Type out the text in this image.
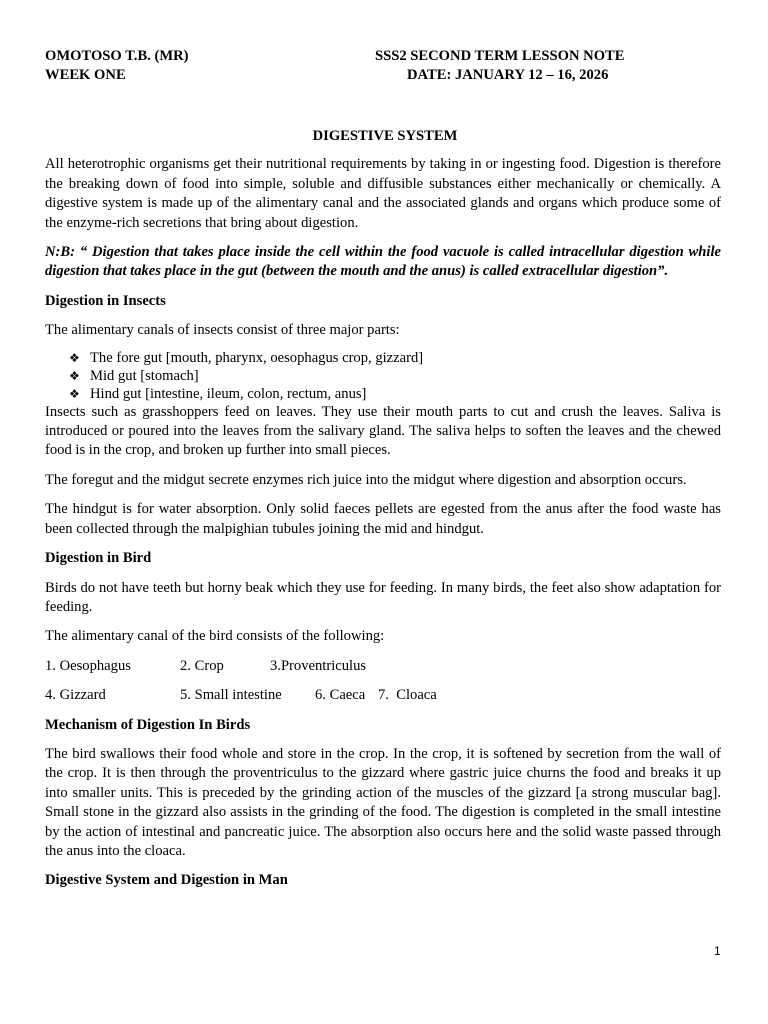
OMOTOSO T.B. (MR)
WEEK ONE
SSS2 SECOND TERM LESSON NOTE
DATE: JANUARY 12 – 16, 2026
DIGESTIVE SYSTEM

All heterotrophic organisms get their nutritional requirements by taking in or ingesting food. Digestion is therefore the breaking down of food into simple, soluble and diffusible substances either mechanically or chemically. A digestive system is made up of the alimentary canal and the associated glands and organs which produce some of the enzyme-rich secretions that bring about digestion.

N:B: “ Digestion that takes place inside the cell within the food vacuole is called intracellular digestion while digestion that takes place in the gut (between the mouth and the anus) is called extracellular digestion”.

Digestion in Insects

The alimentary canals of insects consist of three major parts:

❖ The fore gut [mouth, pharynx, oesophagus crop, gizzard]
❖ Mid gut [stomach]
❖ Hind gut [intestine, ileum, colon, rectum, anus]

Insects such as grasshoppers feed on leaves. They use their mouth parts to cut and crush the leaves. Saliva is introduced or poured into the leaves from the salivary gland. The saliva helps to soften the leaves and the chewed food is in the crop, and broken up further into small pieces.

The foregut and the midgut secrete enzymes rich juice into the midgut where digestion and absorption occurs.

The hindgut is for water absorption. Only solid faeces pellets are egested from the anus after the food waste has been collected through the malpighian tubules joining the mid and hindgut.

Digestion in Bird

Birds do not have teeth but horny beak which they use for feeding. In many birds, the feet also show adaptation for feeding.

The alimentary canal of the bird consists of the following:

1. Oesophagus	2. Crop	3.Proventriculus
4. Gizzard	5. Small intestine	6. Caeca 7.  Cloaca
Mechanism of Digestion In Birds

The bird swallows their food whole and store in the crop. In the crop, it is softened by secretion from the wall of the crop. It is then through the proventriculus to the gizzard where gastric juice churns the food and breaks it up into smaller units. This is preceded by the grinding action of the muscles of the gizzard [a strong muscular bag]. Small stone in the gizzard also assists in the grinding of the food. The digestion is completed in the small intestine by the action of intestinal and pancreatic juice. The absorption also occurs here and the solid waste passed through the anus into the cloaca.

Digestive System and Digestion in Man
1
